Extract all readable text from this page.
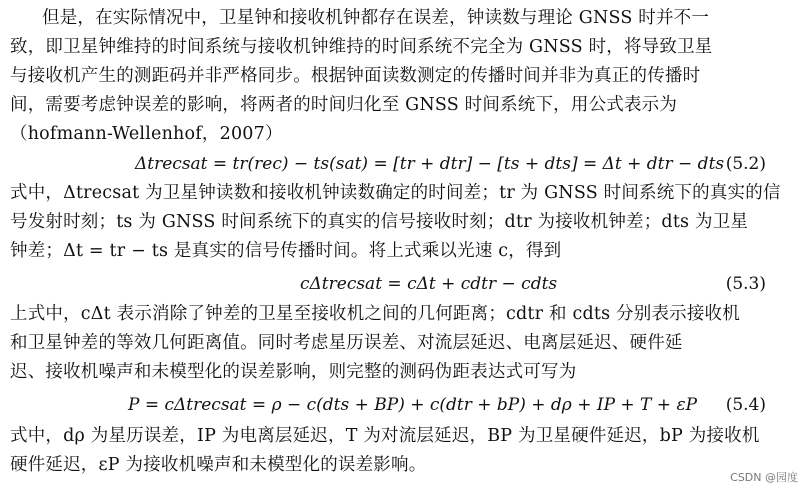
但是，在实际情况中，卫星钟和接收机钟都存在误差，钟读数与理论 GNSS 时并不一
致，即卫星钟维持的时间系统与接收机钟维持的时间系统不完全为 GNSS 时，将导致卫星
与接收机产生的测距码并非严格同步。根据钟面读数测定的传播时间并非为真正的传播时
间，需要考虑钟误差的影响，将两者的时间归化至 GNSS 时间系统下，用公式表示为
（hofmann-Wellenhof，2007）
Δtrecsat = tr(rec) − ts(sat) = [tr + dtr] − [ts + dts] = Δt + dtr − dts (5.2)
式中，Δtrecsat 为卫星钟读数和接收机钟读数确定的时间差；tr 为 GNSS 时间系统下的真实的信
号发射时刻；ts 为 GNSS 时间系统下的真实的信号接收时刻；dtr 为接收机钟差；dts 为卫星
钟差；Δt = tr − ts 是真实的信号传播时间。将上式乘以光速 c，得到
cΔtrecsat = cΔt + cdtr − cdts	(5.3)
上式中，cΔt 表示消除了钟差的卫星至接收机之间的几何距离；cdtr 和 cdts 分别表示接收机
和卫星钟差的等效几何距离值。同时考虑星历误差、对流层延迟、电离层延迟、硬件延
迟、接收机噪声和未模型化的误差影响，则完整的测码伪距表达式可写为
P = cΔtrecsat = ρ − c(dts + BP) + c(dtr + bP) + dρ + IP + T + εP (5.4)
式中，dρ 为星历误差，IP 为电离层延迟，T 为对流层延迟，BP 为卫星硬件延迟，bP 为接收机
硬件延迟，εP 为接收机噪声和未模型化的误差影响。
CSDN @园度
